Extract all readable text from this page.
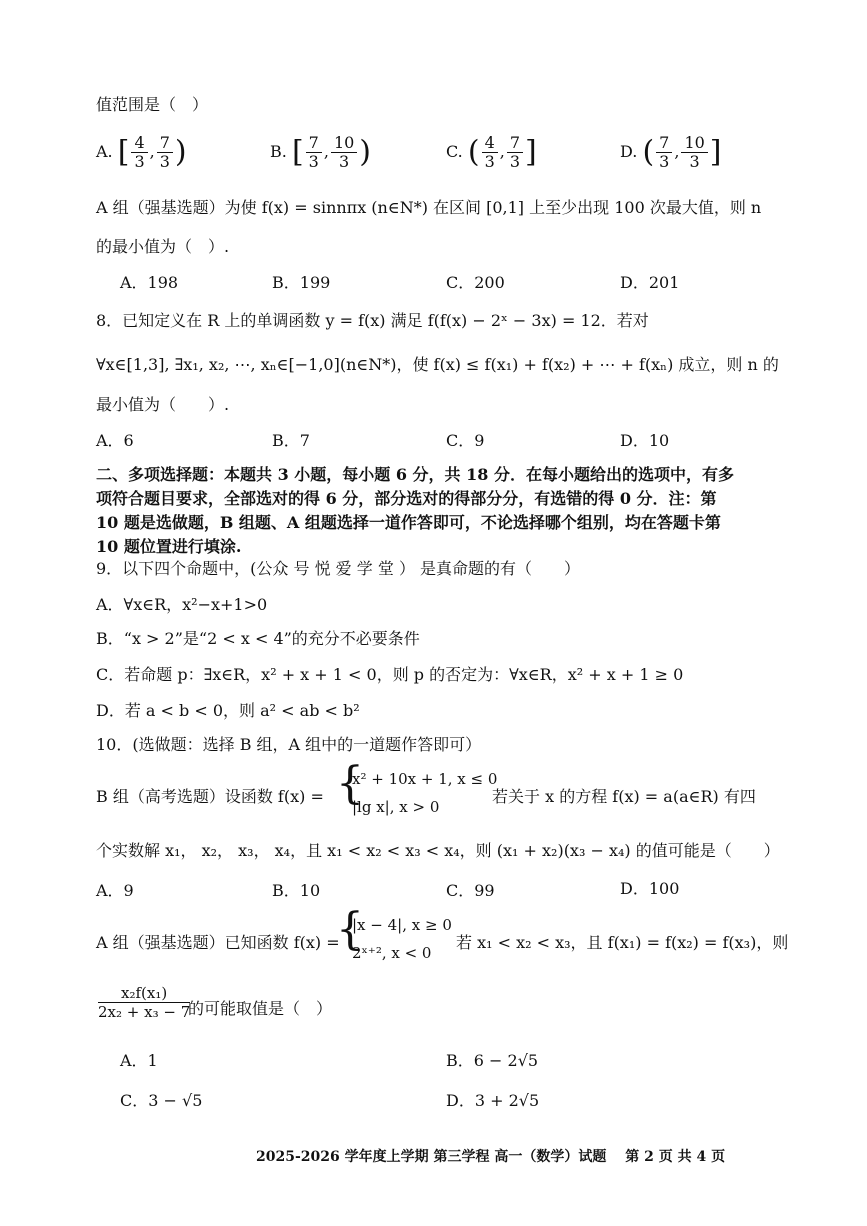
值范围是（　）
A. [ $\frac{4}{3}$ , $\frac{7}{3}$ )	B. [ $\frac{7}{3}$ , $\frac{10}{3}$ )	C. ( $\frac{4}{3}$ , $\frac{7}{3}$ ]	D. ( $\frac{7}{3}$ , $\frac{10}{3}$ ]
A 组（强基选题）为使 f(x) = sinnπx (n∈N*) 在区间 [0,1] 上至少出现 100 次最大值，则 n
的最小值为（　）.
A．198	B．199	C．200	D．201
8．已知定义在 R 上的单调函数 y = f(x) 满足 f(f(x) − 2ˣ − 3x) = 12．若对
∀x∈[1,3], ∃x₁, x₂, ⋯, xₙ∈[−1,0](n∈N*)，使 f(x) ≤ f(x₁) + f(x₂) + ⋯ + f(xₙ) 成立，则 n 的
最小值为（　　）.
A．6	B．7	C．9	D．10
二、多项选择题：本题共 3 小题，每小题 6 分，共 18 分．在每小题给出的选项中，有多
项符合题目要求，全部选对的得 6 分，部分选对的得部分分，有选错的得 0 分．注：第
10 题是选做题，B 组题、A 组题选择一道作答即可，不论选择哪个组别，均在答题卡第
10 题位置进行填涂.
9．以下四个命题中，(公众 号 悦 爱 学 堂 ） 是真命题的有（　　）
A．∀x∈R，x²−x+1>0
B．“x > 2”是“2 < x < 4”的充分不必要条件
C．若命题 p：∃x∈R，x² + x + 1 < 0，则 p 的否定为：∀x∈R，x² + x + 1 ≥ 0
D．若 a < b < 0，则 a² < ab < b²
10．(选做题：选择 B 组，A 组中的一道题作答即可）
B 组（高考选题）设函数 f(x) = {
x² + 10x + 1, x ≤ 0
|lg x|, x > 0
若关于 x 的方程 f(x) = a(a∈R) 有四
个实数解 x₁， x₂， x₃， x₄，且 x₁ < x₂ < x₃ < x₄，则 (x₁ + x₂)(x₃ − x₄) 的值可能是（　　）
A．9	B．10	C．99	D．100
A 组（强基选题）已知函数 f(x) =
{
|x − 4|, x ≥ 0
2ˣ⁺², x < 0
若 x₁ < x₂ < x₃，且 f(x₁) = f(x₂) = f(x₃)，则
$\frac{\text{x₂f(x₁)}}{\text{2x₂ + x₃ − 7}}$
的可能取值是（　）
A．1	B．6 − 2√5
C．3 − √5	D．3 + 2√5
2025-2026 学年度上学期 第三学程 高一（数学）试题　 第 2 页 共 4 页
